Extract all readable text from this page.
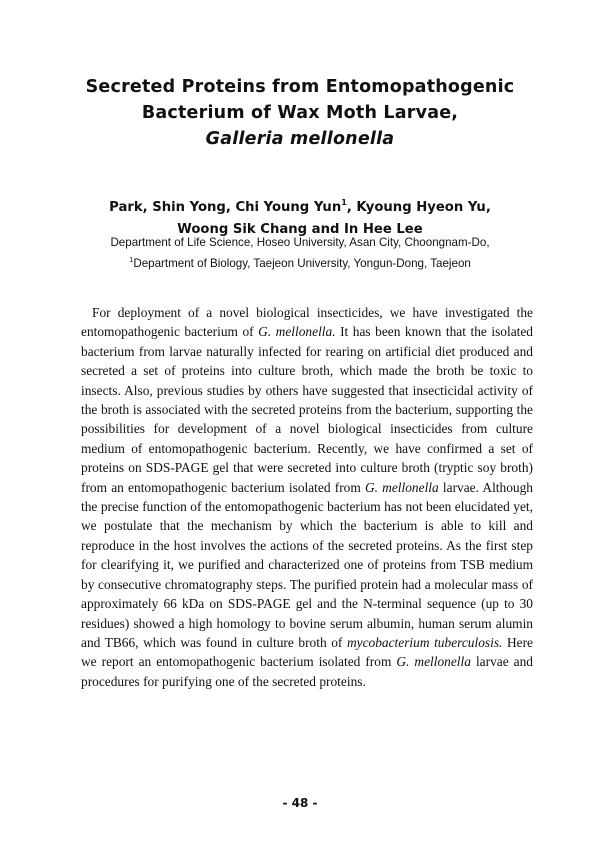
Secreted Proteins from Entomopathogenic
Bacterium of Wax Moth Larvae,
Galleria mellonella
Park, Shin Yong, Chi Young Yun$^1$, Kyoung Hyeon Yu,
Woong Sik Chang and In Hee Lee
Department of Life Science, Hoseo University, Asan City, Choongnam-Do,
$^1$Department of Biology, Taejeon University, Yongun-Dong, Taejeon

For deployment of a novel biological insecticides, we have investigated the entomopathogenic bacterium of G. mellonella. It has been known that the isolated bacterium from larvae naturally infected for rearing on artificial diet produced and secreted a set of proteins into culture broth, which made the broth be toxic to insects. Also, previous studies by others have suggested that insecticidal activity of the broth is associated with the secreted proteins from the bacterium, supporting the possibilities for development of a novel biological insecticides from culture medium of entomopathogenic bacterium. Recently, we have confirmed a set of proteins on SDS-PAGE gel that were secreted into culture broth (tryptic soy broth) from an entomopathogenic bacterium isolated from G. mellonella larvae. Although the precise function of the entomopathogenic bacterium has not been elucidated yet, we postulate that the mechanism by which the bacterium is able to kill and reproduce in the host involves the actions of the secreted proteins. As the first step for clearifying it, we purified and characterized one of proteins from TSB medium by consecutive chromatography steps. The purified protein had a molecular mass of approximately 66 kDa on SDS-PAGE gel and the N-terminal sequence (up to 30 residues) showed a high homology to bovine serum albumin, human serum alumin and TB66, which was found in culture broth of mycobacterium tuberculosis. Here we report an entomopathogenic bacterium isolated from G. mellonella larvae and procedures for purifying one of the secreted proteins.

- 48 -
